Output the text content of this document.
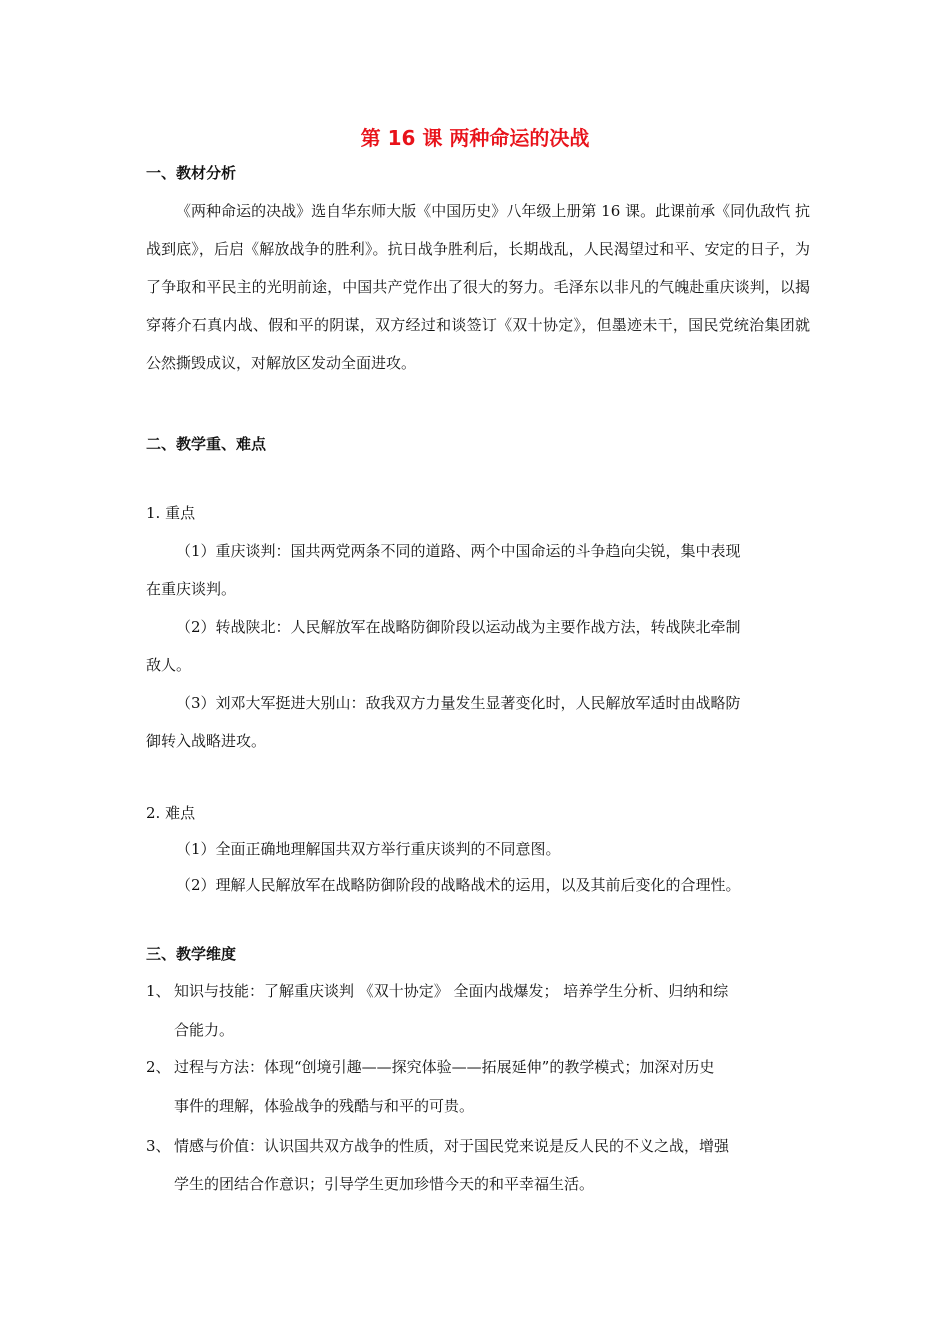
第 16 课 两种命运的决战
一、教材分析
《两种命运的决战》选自华东师大版《中国历史》八年级上册第 16 课。此课前承《同仇敌忾 抗战到底》，后启《解放战争的胜利》。抗日战争胜利后，长期战乱，人民渴望过和平、安定的日子，为了争取和平民主的光明前途，中国共产党作出了很大的努力。毛泽东以非凡的气魄赴重庆谈判，以揭穿蒋介石真内战、假和平的阴谋，双方经过和谈签订《双十协定》，但墨迹未干，国民党统治集团就公然撕毁成议，对解放区发动全面进攻。
二、教学重、难点
1. 重点
（1）重庆谈判：国共两党两条不同的道路、两个中国命运的斗争趋向尖锐，集中表现
在重庆谈判。
（2）转战陕北：人民解放军在战略防御阶段以运动战为主要作战方法，转战陕北牵制
敌人。
（3）刘邓大军挺进大别山：敌我双方力量发生显著变化时，人民解放军适时由战略防
御转入战略进攻。
2. 难点
（1）全面正确地理解国共双方举行重庆谈判的不同意图。
（2）理解人民解放军在战略防御阶段的战略战术的运用，以及其前后变化的合理性。
三、教学维度
1、 知识与技能：了解重庆谈判 《双十协定》 全面内战爆发； 培养学生分析、归纳和综
合能力。
2、 过程与方法：体现“创境引趣——探究体验——拓展延伸”的教学模式；加深对历史
事件的理解，体验战争的残酷与和平的可贵。
3、 情感与价值：认识国共双方战争的性质，对于国民党来说是反人民的不义之战，增强
学生的团结合作意识；引导学生更加珍惜今天的和平幸福生活。
